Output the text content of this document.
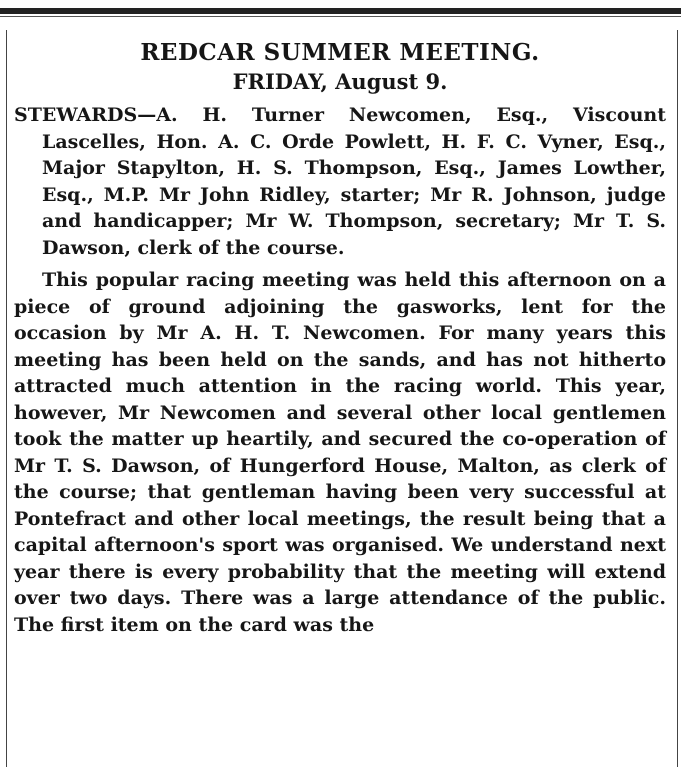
REDCAR SUMMER MEETING.
FRIDAY, August 9.

STEWARDS—A. H. Turner Newcomen, Esq., Viscount Lascelles, Hon. A. C. Orde Powlett, H. F. C. Vyner, Esq., Major Stapylton, H. S. Thompson, Esq., James Lowther, Esq., M.P. Mr John Ridley, starter; Mr R. Johnson, judge and handicapper; Mr W. Thompson, secretary; Mr T. S. Dawson, clerk of the course.

This popular racing meeting was held this afternoon on a piece of ground adjoining the gasworks, lent for the occasion by Mr A. H. T. Newcomen. For many years this meeting has been held on the sands, and has not hitherto attracted much attention in the racing world. This year, however, Mr Newcomen and several other local gentlemen took the matter up heartily, and secured the co-operation of Mr T. S. Dawson, of Hungerford House, Malton, as clerk of the course; that gentleman having been very successful at Pontefract and other local meetings, the result being that a capital afternoon's sport was organised. We understand next year there is every probability that the meeting will extend over two days. There was a large attendance of the public. The first item on the card was the
